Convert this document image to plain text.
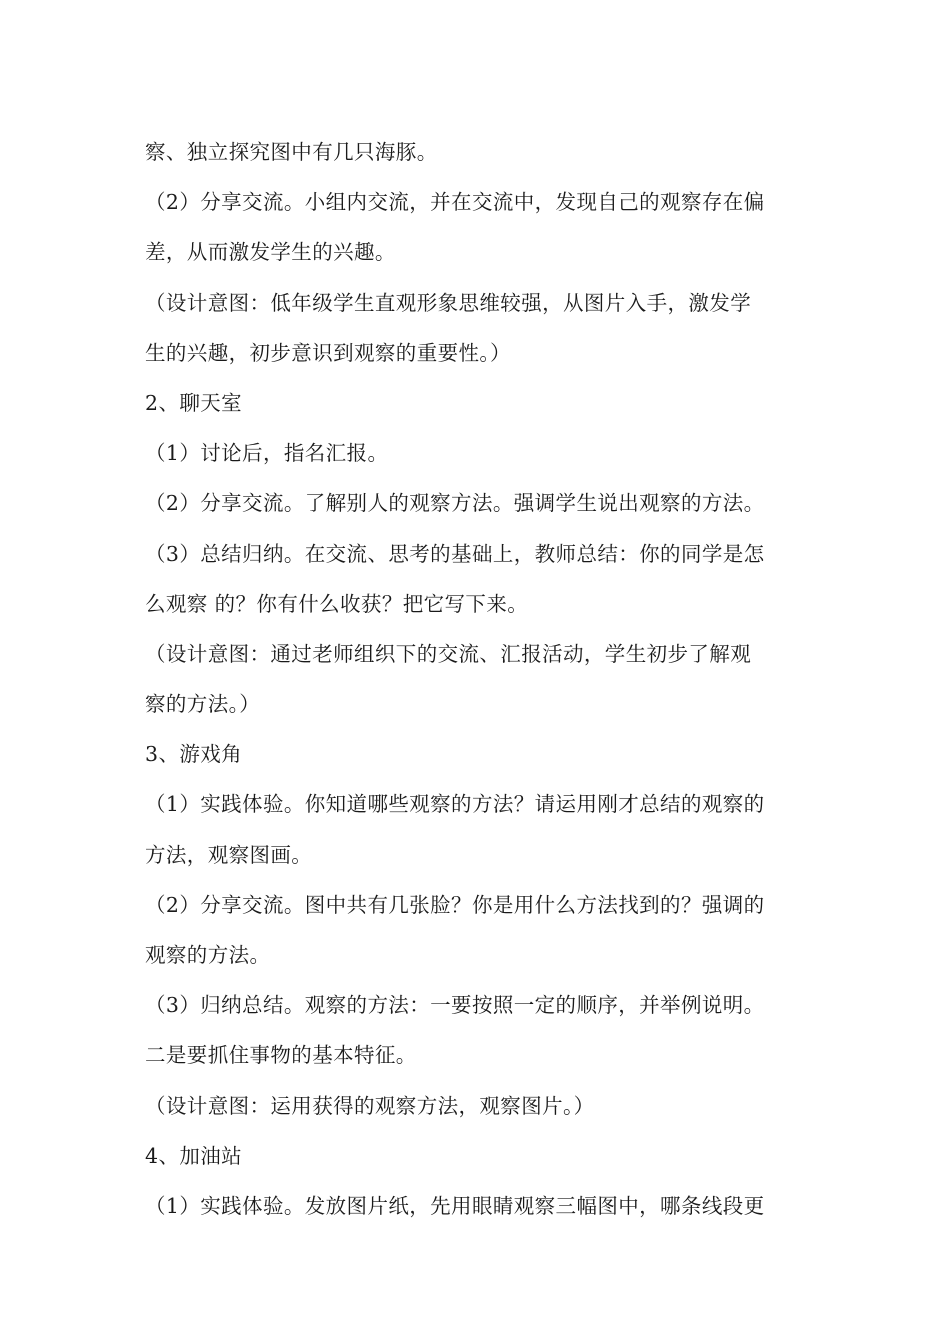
察、独立探究图中有几只海豚。
（2）分享交流。小组内交流，并在交流中，发现自己的观察存在偏
差，从而激发学生的兴趣。
（设计意图：低年级学生直观形象思维较强，从图片入手，激发学
生的兴趣，初步意识到观察的重要性。）
2、聊天室
（1）讨论后，指名汇报。
（2）分享交流。了解别人的观察方法。强调学生说出观察的方法。
（3）总结归纳。在交流、思考的基础上，教师总结：你的同学是怎
么观察 的？你有什么收获？把它写下来。
（设计意图：通过老师组织下的交流、汇报活动，学生初步了解观
察的方法。）
3、游戏角
（1）实践体验。你知道哪些观察的方法？请运用刚才总结的观察的
方法，观察图画。
（2）分享交流。图中共有几张脸？你是用什么方法找到的？强调的
观察的方法。
（3）归纳总结。观察的方法：一要按照一定的顺序，并举例说明。
二是要抓住事物的基本特征。
（设计意图：运用获得的观察方法，观察图片。）
4、加油站
（1）实践体验。发放图片纸，先用眼睛观察三幅图中，哪条线段更
